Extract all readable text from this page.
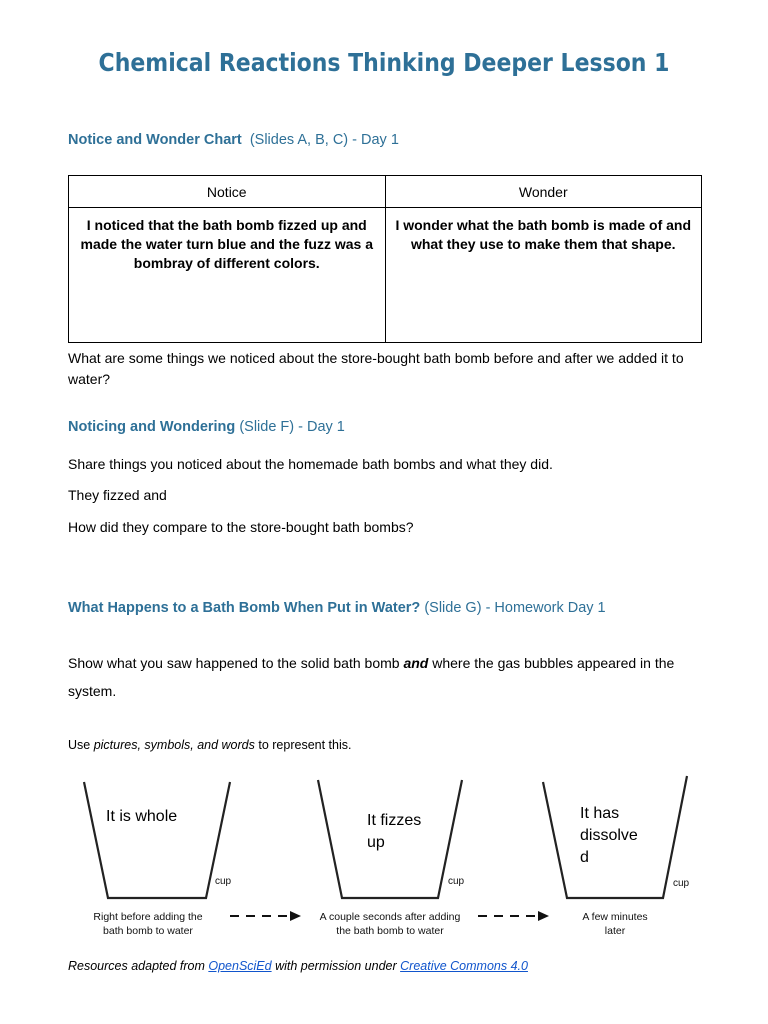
Chemical Reactions Thinking Deeper Lesson 1
Notice and Wonder Chart (Slides A, B, C) - Day 1
Notice	Wonder
I noticed that the bath bomb fizzed up and made the water turn blue and the fuzz was a bombray of different colors.	I wonder what the bath bomb is made of and what they use to make them that shape.
What are some things we noticed about the store-bought bath bomb before and after we added it to water?
Noticing and Wondering (Slide F) - Day 1
Share things you noticed about the homemade bath bombs and what they did.
They fizzed and
How did they compare to the store-bought bath bombs?
What Happens to a Bath Bomb When Put in Water? (Slide G) - Homework Day 1
Show what you saw happened to the solid bath bomb and where the gas bubbles appeared in the system.
Use pictures, symbols, and words to represent this.
It is whole	It fizzes
up
It has
dissolve
d
cup	cup	cup
Right before adding the
bath bomb to water
A couple seconds after adding
the bath bomb to water
A few minutes
later
Resources adapted from OpenSciEd with permission under Creative Commons 4.0
